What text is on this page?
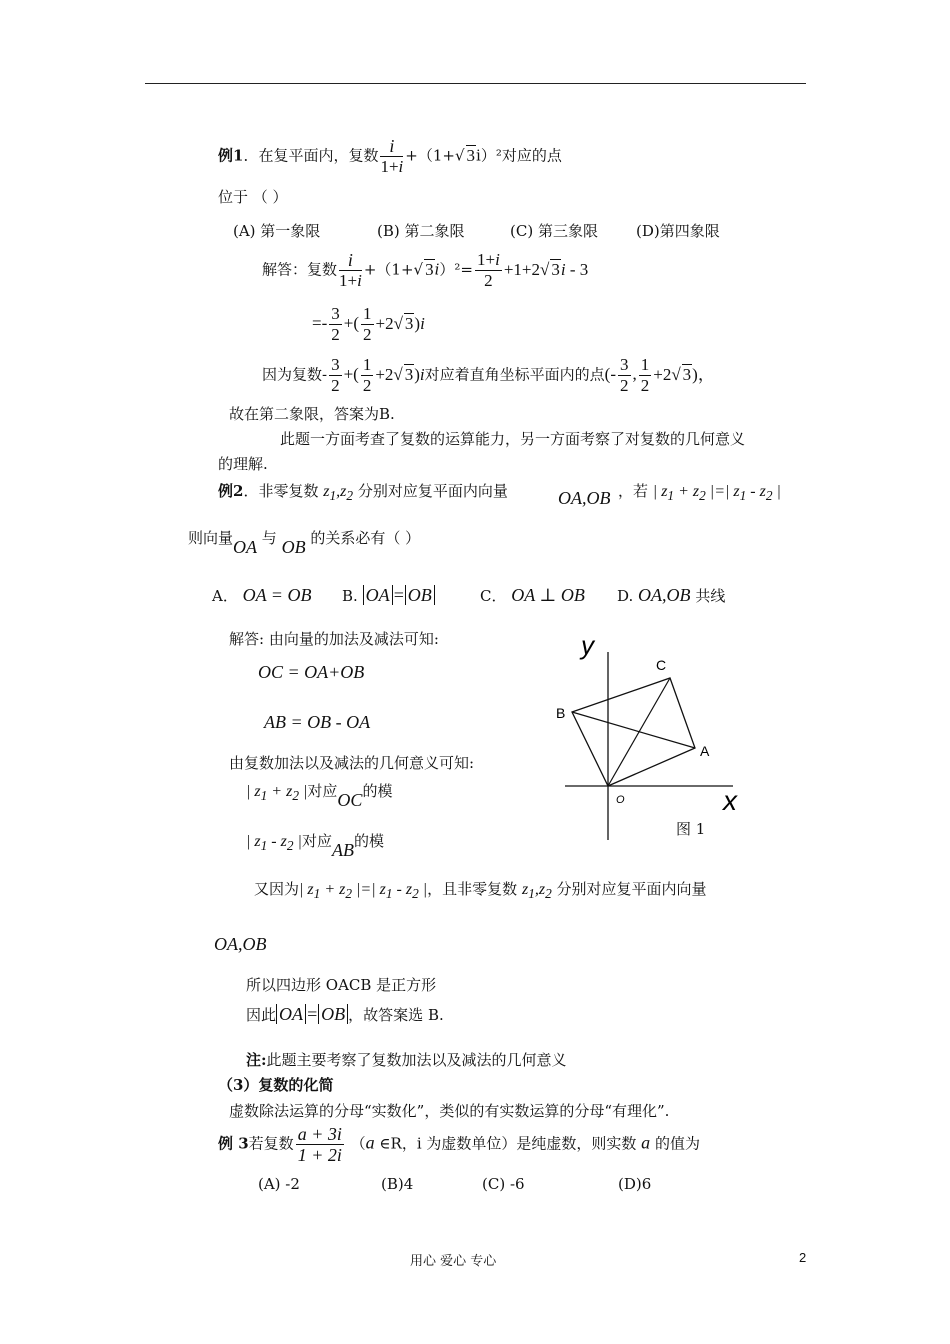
例1．在复平面内，复数 $\frac{i}{1+i} +(1+√$ 3i）²对应的点
位于 （ ）
(A) 第一象限	(B) 第二象限	(C) 第三象限	(D)第四象限
解答：复数 $\frac{i}{1+i} +(1+√$ $3i)^2= \frac{1+i}{2} +1+2√$ 3i - 3
=- $\frac{3}{2}$ +( $\frac{1}{2} +2√$ 3)i
因为复数- $\frac{3}{2}$ +( $\frac{1}{2} +2√$ 3)i对应着直角坐标平面内的点(- $\frac{3}{2}$ , $\frac{1}{2} +2√$ 3)，
故在第二象限，答案为B.
此题一方面考查了复数的运算能力，另一方面考察了对复数的几何意义
的理解.
例2．非零复数 $z_1,z_2$ 分别对应复平面内向量	OA,OB ，若 | $z_1 + z_2$ |=| $z_1 - z_2$ |
则向量OA 与 OB 的关系必有（ ）
A． OA = OB B. OA = OB	C． OA ⊥ OB D. OA,OB 共线
解答: 由向量的加法及减法可知:
OC = OA+OB
AB = OB - OA
由复数加法以及减法的几何意义可知:
| $z_1 + z_2$ |对应OC的模
| $z_1 - z_2$ |对应AB的模
又因为| $z_1 + z_2$ |=| $z_1 - z_2$ |，且非零复数 $z_1,z_2$ 分别对应复平面内向量
OA,OB
所以四边形 OACB 是正方形
因此 OA = OB ，故答案选 B.
注:此题主要考察了复数加法以及减法的几何意义
y
x
O
A
B
C
图 1
（3）复数的化简
虚数除法运算的分母“实数化”，类似的有实数运算的分母“有理化”.
例 3若复数 $\frac{a + 3i}{1 + 2i} (a$ ∈R，i 为虚数单位）是纯虚数，则实数 a 的值为
(A) -2	(B)4	(C) -6	(D)6
用心 爱心 专心	2
